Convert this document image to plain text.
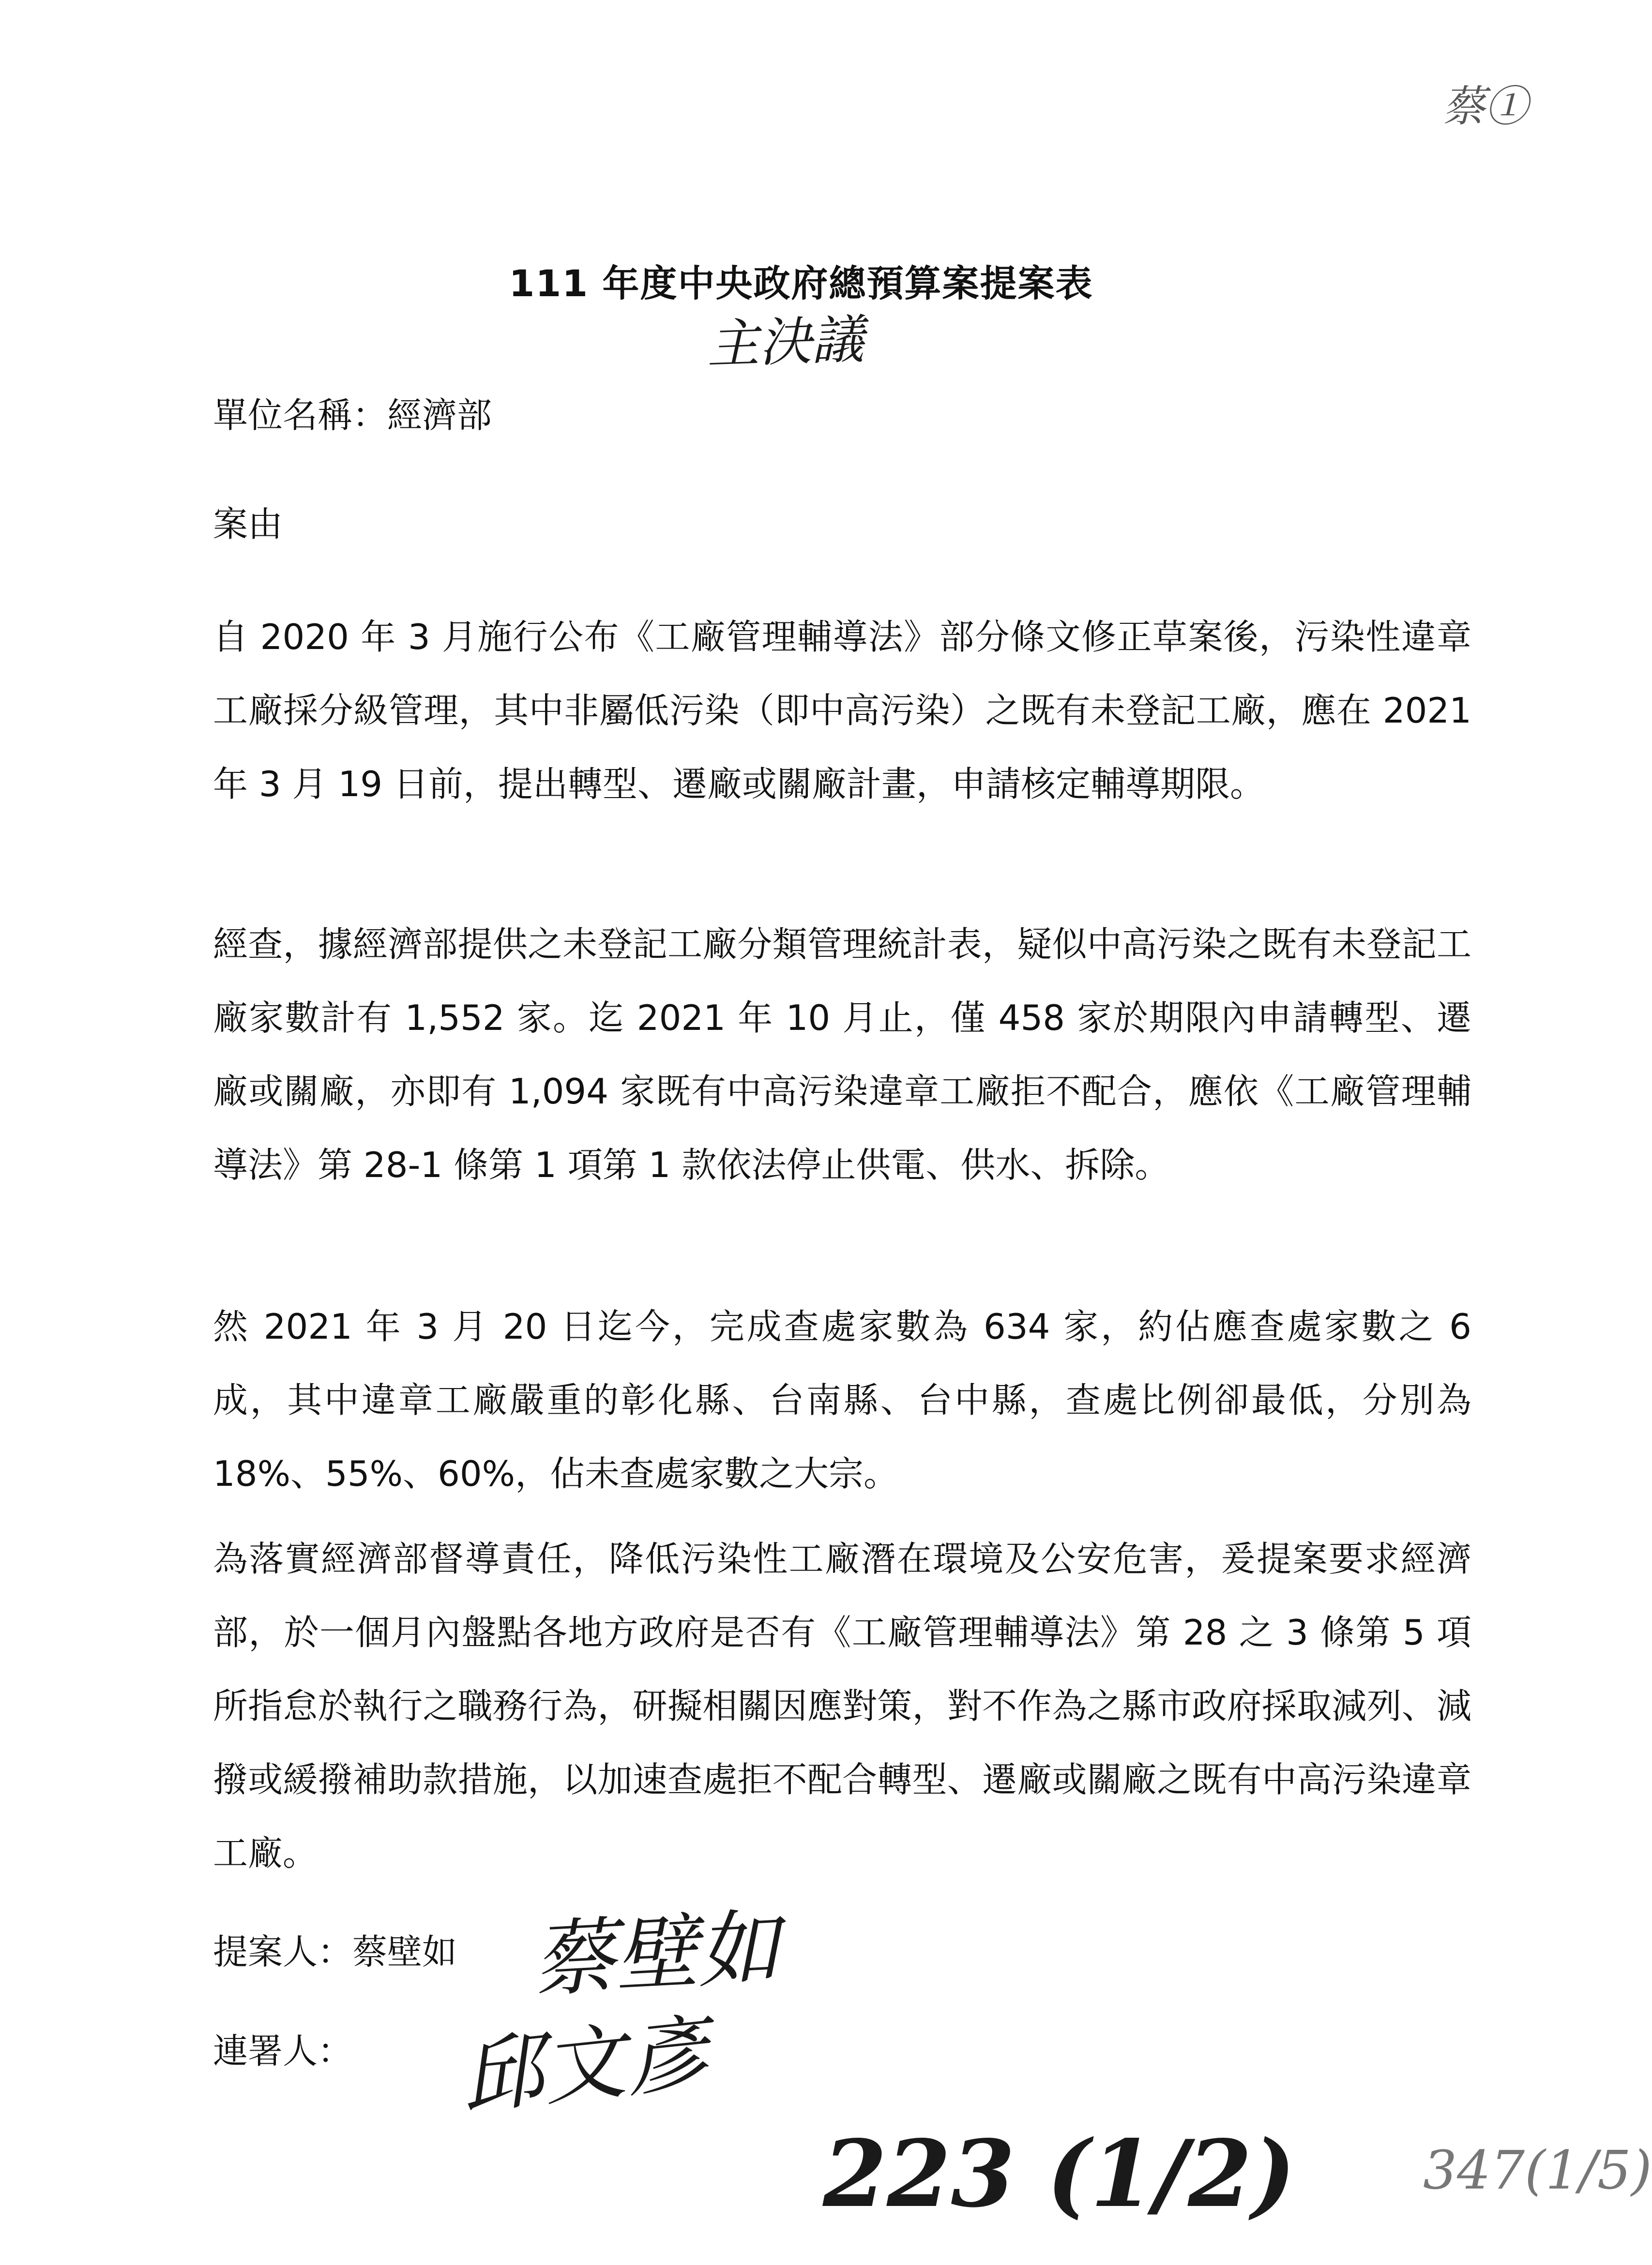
蔡①
111 年度中央政府總預算案提案表
主決議
單位名稱：經濟部
案由

自 2020 年 3 月施行公布《工廠管理輔導法》部分條文修正草案後，污染性違章工廠採分級管理，其中非屬低污染（即中高污染）之既有未登記工廠，應在 2021 年 3 月 19 日前，提出轉型、遷廠或關廠計畫，申請核定輔導期限。

經查，據經濟部提供之未登記工廠分類管理統計表，疑似中高污染之既有未登記工廠家數計有 1,552 家。迄 2021 年 10 月止，僅 458 家於期限內申請轉型、遷廠或關廠，亦即有 1,094 家既有中高污染違章工廠拒不配合，應依《工廠管理輔導法》第 28-1 條第 1 項第 1 款依法停止供電、供水、拆除。

然 2021 年 3 月 20 日迄今，完成查處家數為 634 家，約佔應查處家數之 6 成，其中違章工廠嚴重的彰化縣、台南縣、台中縣，查處比例卻最低，分別為 18%、55%、60%，佔未查處家數之大宗。

為落實經濟部督導責任，降低污染性工廠潛在環境及公安危害，爰提案要求經濟部，於一個月內盤點各地方政府是否有《工廠管理輔導法》第 28 之 3 條第 5 項所指怠於執行之職務行為，研擬相關因應對策，對不作為之縣市政府採取減列、減撥或緩撥補助款措施，以加速查處拒不配合轉型、遷廠或關廠之既有中高污染違章工廠。

提案人：蔡壁如 蔡壁如
連署人： 邱文彥
223 (1/2) 347(1/5)
